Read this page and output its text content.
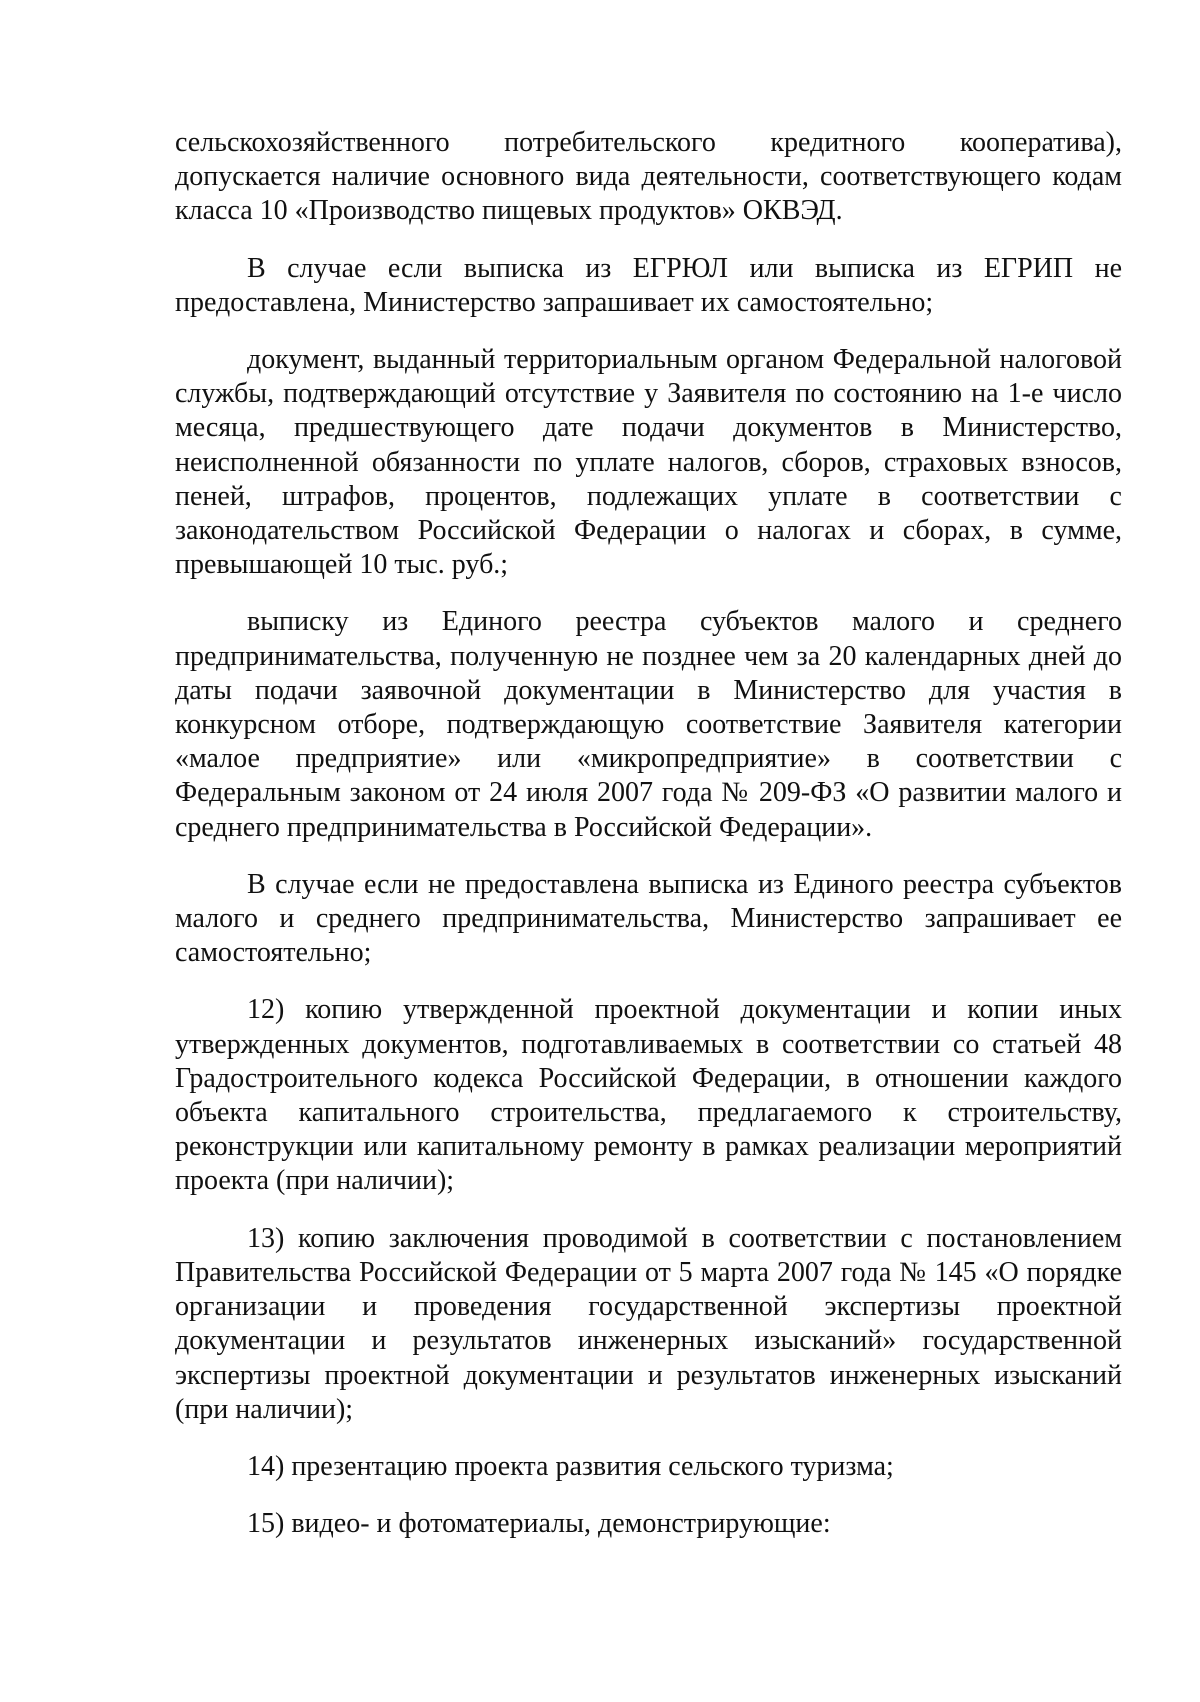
сельскохозяйственного потребительского кредитного кооператива), допускается наличие основного вида деятельности, соответствующего кодам класса 10 «Производство пищевых продуктов» ОКВЭД.

В случае если выписка из ЕГРЮЛ или выписка из ЕГРИП не предоставлена, Министерство запрашивает их самостоятельно;

документ, выданный территориальным органом Федеральной налоговой службы, подтверждающий отсутствие у Заявителя по состоянию на 1-е число месяца, предшествующего дате подачи документов в Министерство, неисполненной обязанности по уплате налогов, сборов, страховых взносов, пеней, штрафов, процентов, подлежащих уплате в соответствии с законодательством Российской Федерации о налогах и сборах, в сумме, превышающей 10 тыс. руб.;

выписку из Единого реестра субъектов малого и среднего предпринимательства, полученную не позднее чем за 20 календарных дней до даты подачи заявочной документации в Министерство для участия в конкурсном отборе, подтверждающую соответствие Заявителя категории «малое предприятие» или «микропредприятие» в соответствии с Федеральным законом от 24 июля 2007 года № 209-ФЗ «О развитии малого и среднего предпринимательства в Российской Федерации».

В случае если не предоставлена выписка из Единого реестра субъектов малого и среднего предпринимательства, Министерство запрашивает ее самостоятельно;

12) копию утвержденной проектной документации и копии иных утвержденных документов, подготавливаемых в соответствии со статьей 48 Градостроительного кодекса Российской Федерации, в отношении каждого объекта капитального строительства, предлагаемого к строительству, реконструкции или капитальному ремонту в рамках реализации мероприятий проекта (при наличии);

13) копию заключения проводимой в соответствии с постановлением Правительства Российской Федерации от 5 марта 2007 года № 145 «О порядке организации и проведения государственной экспертизы проектной документации и результатов инженерных изысканий» государственной экспертизы проектной документации и результатов инженерных изысканий (при наличии);

14) презентацию проекта развития сельского туризма;

15) видео- и фотоматериалы, демонстрирующие:
